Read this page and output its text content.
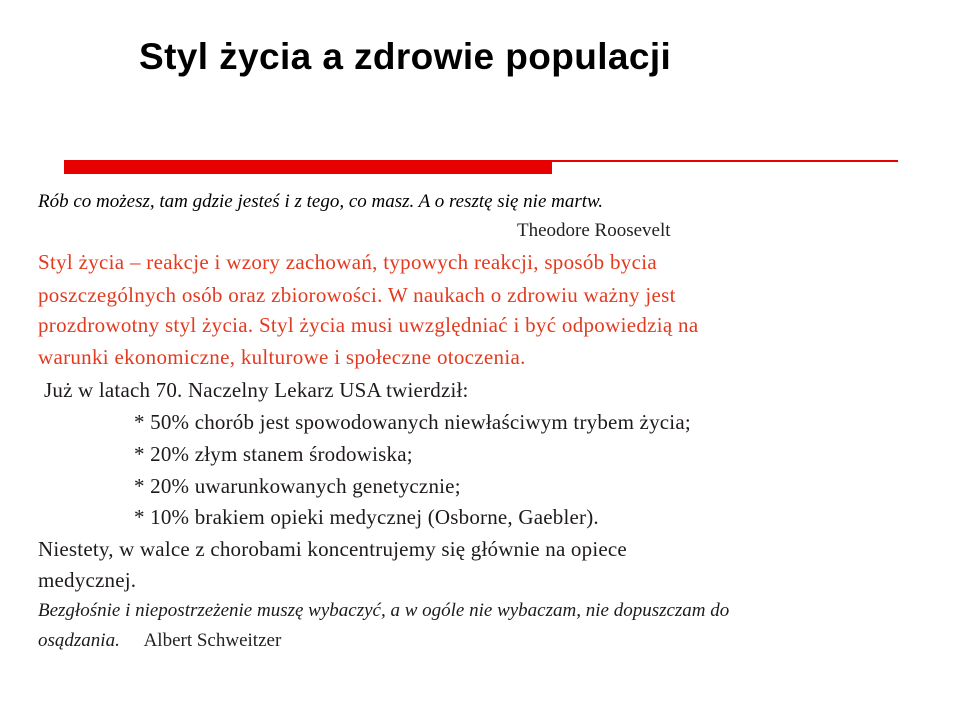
Styl życia a zdrowie populacji

Rób co możesz, tam gdzie jesteś i z tego, co masz. A o resztę się nie martw.

Theodore Roosevelt

Styl życia – reakcje i wzory zachowań, typowych reakcji, sposób bycia

poszczególnych osób oraz zbiorowości. W naukach o zdrowiu ważny jest

prozdrowotny styl życia. Styl życia musi uwzględniać i być odpowiedzią na

warunki ekonomiczne, kulturowe i społeczne otoczenia.

Już w latach 70. Naczelny Lekarz USA twierdził:

* 50% chorób jest spowodowanych niewłaściwym trybem życia;

* 20% złym stanem środowiska;

* 20% uwarunkowanych genetycznie;

* 10% brakiem opieki medycznej (Osborne, Gaebler).

Niestety, w walce z chorobami koncentrujemy się głównie na opiece

medycznej.

Bezgłośnie i niepostrzeżenie muszę wybaczyć, a w ogóle nie wybaczam, nie dopuszczam do

osądzania. Albert Schweitzer
